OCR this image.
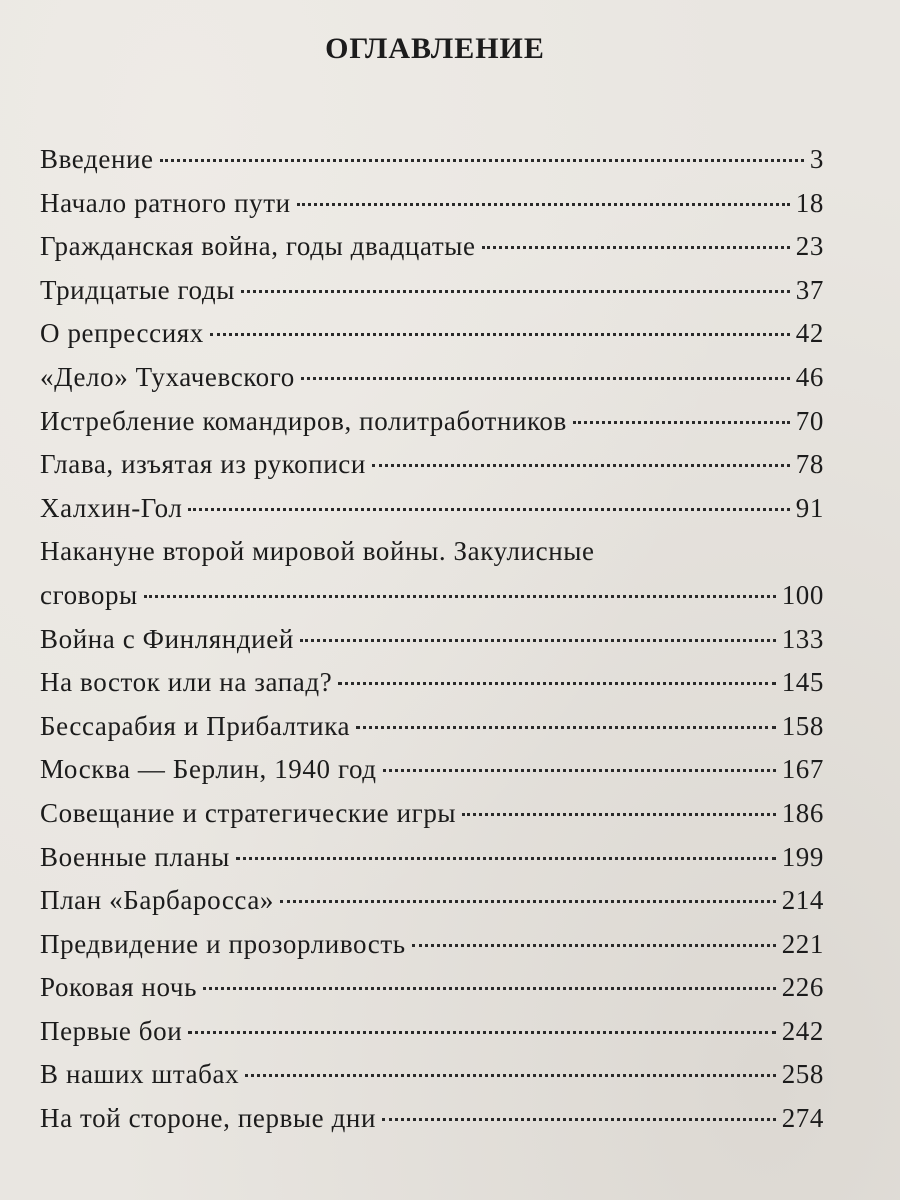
ОГЛАВЛЕНИЕ
Введение	3
Начало ратного пути	18
Гражданская война, годы двадцатые	23
Тридцатые годы	37
О репрессиях	42
«Дело» Тухачевского	46
Истребление командиров, политработников	70
Глава, изъятая из рукописи	78
Халхин-Гол	91
Накануне второй мировой войны. Закулисные
сговоры	100
Война с Финляндией	133
На восток или на запад?	145
Бессарабия и Прибалтика	158
Москва — Берлин, 1940 год	167
Совещание и стратегические игры	186
Военные планы	199
План «Барбаросса»	214
Предвидение и прозорливость	221
Роковая ночь	226
Первые бои	242
В наших штабах	258
На той стороне, первые дни	274
